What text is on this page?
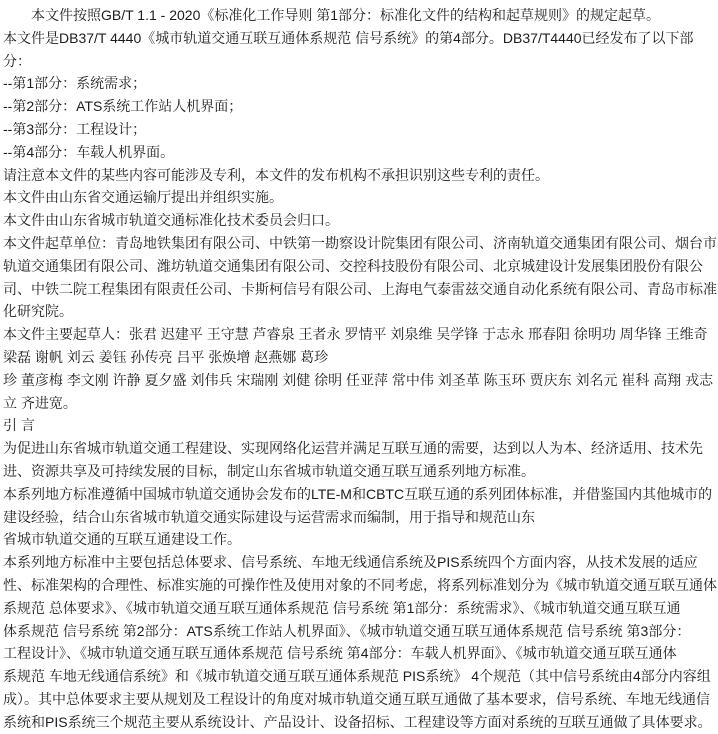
　　本文件按照GB/T 1.1 - 2020《标准化工作导则 第1部分：标准化文件的结构和起草规则》的规定起草。
本文件是DB37/T 4440《城市轨道交通互联互通体系规范 信号系统》的第4部分。DB37/T4440已经发布了以下部
分：
--第1部分：系统需求；
--第2部分：ATS系统工作站人机界面；
--第3部分：工程设计；
--第4部分：车载人机界面。
请注意本文件的某些内容可能涉及专利，本文件的发布机构不承担识别这些专利的责任。
本文件由山东省交通运输厅提出并组织实施。
本文件由山东省城市轨道交通标准化技术委员会归口。
本文件起草单位：青岛地铁集团有限公司、中铁第一勘察设计院集团有限公司、济南轨道交通集团有限公司、烟台市
轨道交通集团有限公司、潍坊轨道交通集团有限公司、交控科技股份有限公司、北京城建设计发展集团股份有限公
司、中铁二院工程集团有限责任公司、卡斯柯信号有限公司、上海电气泰雷兹交通自动化系统有限公司、青岛市标准
化研究院。
本文件主要起草人：张君 迟建平 王守慧 芦睿泉 王者永 罗情平 刘泉维 吴学锋 于志永 邢春阳 徐明功 周华锋 王维奇
梁磊 谢帆 刘云 姜钰 孙传亮 吕平 张焕增 赵燕娜 葛珍
珍 董彦梅 李文刚 许静 夏夕盛 刘伟兵 宋瑞刚 刘健 徐明 任亚萍 常中伟 刘圣革 陈玉环 贾庆东 刘名元 崔科 高翔 戎志
立 齐进宽。
引 言
为促进山东省城市轨道交通工程建设、实现网络化运营并满足互联互通的需要，达到以人为本、经济适用、技术先
进、资源共享及可持续发展的目标，制定山东省城市轨道交通互联互通系列地方标准。
本系列地方标准遵循中国城市轨道交通协会发布的LTE-M和CBTC互联互通的系列团体标准，并借鉴国内其他城市的
建设经验，结合山东省城市轨道交通实际建设与运营需求而编制，用于指导和规范山东
省城市轨道交通的互联互通建设工作。
本系列地方标准中主要包括总体要求、信号系统、车地无线通信系统及PIS系统四个方面内容，从技术发展的适应
性、标准架构的合理性、标准实施的可操作性及使用对象的不同考虑，将系列标准划分为《城市轨道交通互联互通体
系规范 总体要求》、《城市轨道交通互联互通体系规范 信号系统 第1部分：系统需求》、《城市轨道交通互联互通
体系规范 信号系统 第2部分：ATS系统工作站人机界面》、《城市轨道交通互联互通体系规范 信号系统 第3部分：
工程设计》、《城市轨道交通互联互通体系规范 信号系统 第4部分：车载人机界面》、《城市轨道交通互联互通体
系规范 车地无线通信系统》和《城市轨道交通互联互通体系规范 PIS系统》 4个规范（其中信号系统由4部分内容组
成）。其中总体要求主要从规划及工程设计的角度对城市轨道交通互联互通做了基本要求，信号系统、车地无线通信
系统和PIS系统三个规范主要从系统设计、产品设计、设备招标、工程建设等方面对系统的互联互通做了具体要求。
